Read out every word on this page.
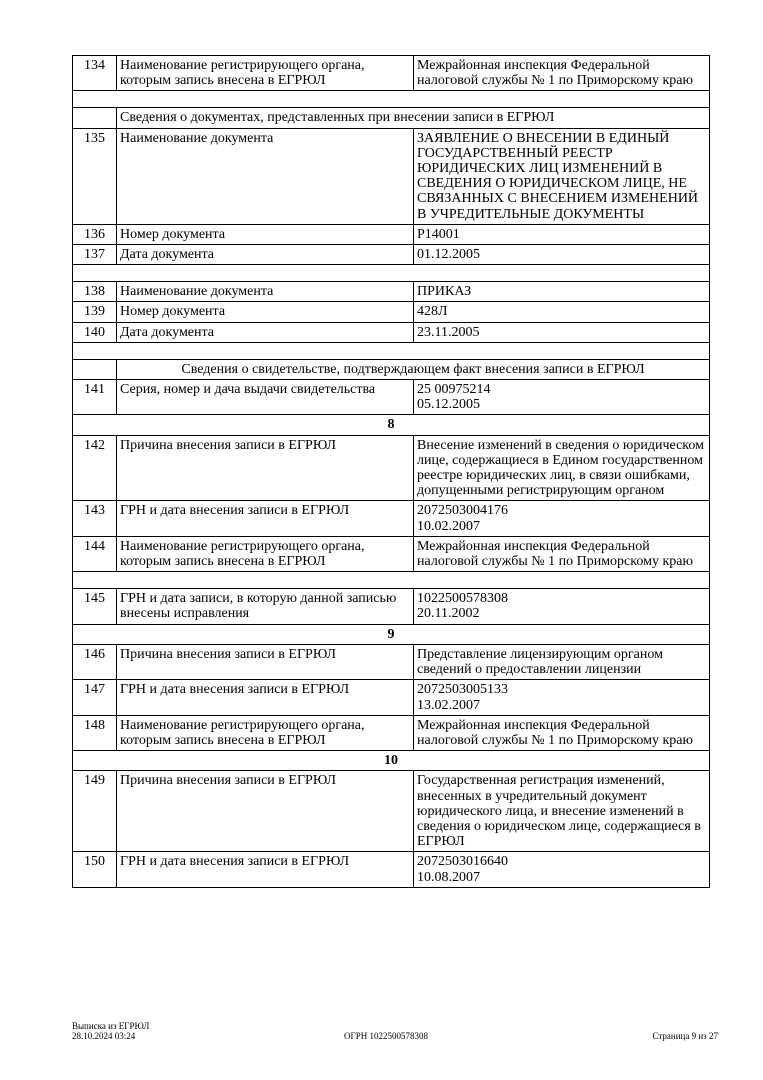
134	Наименование регистрирующего органа, которым запись внесена в ЕГРЮЛ	Межрайонная инспекция Федеральной налоговой службы № 1 по Приморскому краю

	Сведения о документах, представленных при внесении записи в ЕГРЮЛ	
135	Наименование документа	ЗАЯВЛЕНИЕ О ВНЕСЕНИИ В ЕДИНЫЙ ГОСУДАРСТВЕННЫЙ РЕЕСТР ЮРИДИЧЕСКИХ ЛИЦ ИЗМЕНЕНИЙ В СВЕДЕНИЯ О ЮРИДИЧЕСКОМ ЛИЦЕ, НЕ СВЯЗАННЫХ С ВНЕСЕНИЕМ ИЗМЕНЕНИЙ В УЧРЕДИТЕЛЬНЫЕ ДОКУМЕНТЫ
136	Номер документа	Р14001
137	Дата документа	01.12.2005

138	Наименование документа	ПРИКАЗ
139	Номер документа	428Л
140	Дата документа	23.11.2005

	Сведения о свидетельстве, подтверждающем факт внесения записи в ЕГРЮЛ	
141	Серия, номер и дача выдачи свидетельства	25 00975214
05.12.2005
8		
142	Причина внесения записи в ЕГРЮЛ	Внесение изменений в сведения о юридическом лице, содержащиеся в Едином государственном реестре юридических лиц, в связи ошибками, допущенными регистрирующим органом
143	ГРН и дата внесения записи в ЕГРЮЛ	2072503004176
10.02.2007
144	Наименование регистрирующего органа, которым запись внесена в ЕГРЮЛ	Межрайонная инспекция Федеральной налоговой службы № 1 по Приморскому краю

145	ГРН и дата записи, в которую данной записью внесены исправления	1022500578308
20.11.2002
9		
146	Причина внесения записи в ЕГРЮЛ	Представление лицензирующим органом сведений о предоставлении лицензии
147	ГРН и дата внесения записи в ЕГРЮЛ	2072503005133
13.02.2007
148	Наименование регистрирующего органа, которым запись внесена в ЕГРЮЛ	Межрайонная инспекция Федеральной налоговой службы № 1 по Приморскому краю
10		
149	Причина внесения записи в ЕГРЮЛ	Государственная регистрация изменений, внесенных в учредительный документ юридического лица, и внесение изменений в сведения о юридическом лице, содержащиеся в ЕГРЮЛ
150	ГРН и дата внесения записи в ЕГРЮЛ	2072503016640
10.08.2007
Выписка из ЕГРЮЛ
28.10.2024 03:24	ОГРН 1022500578308	Страница 9 из 27
